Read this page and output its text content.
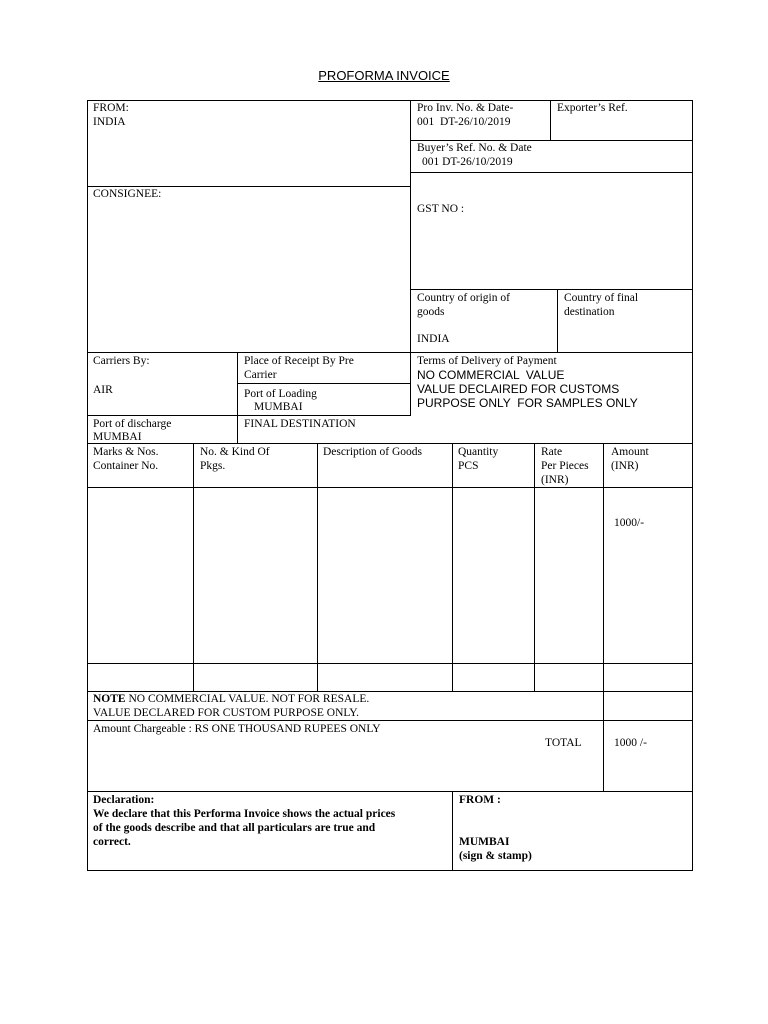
PROFORMA INVOICE
FROM:
INDIA
CONSIGNEE:
Pro Inv. No. & Date-
001  DT-26/10/2019
Exporter’s Ref.
Buyer’s Ref. No. & Date
001 DT-26/10/2019
GST NO :
Country of origin of
goods
INDIA
Country of final
destination
Carriers By:
AIR
Place of Receipt By Pre
Carrier
Port of Loading
MUMBAI
Terms of Delivery of Payment
NO COMMERCIAL  VALUE
VALUE DECLAIRED FOR CUSTOMS
PURPOSE ONLY  FOR SAMPLES ONLY
Port of discharge
MUMBAI
FINAL DESTINATION
Marks & Nos.
Container No.
No. & Kind Of
Pkgs.
Description of Goods	Quantity
PCS
Rate
Per Pieces
(INR)
Amount
(INR)
1000/-
NOTE NO COMMERCIAL VALUE. NOT FOR RESALE.
VALUE DECLARED FOR CUSTOM PURPOSE ONLY.
Amount Chargeable : RS ONE THOUSAND RUPEES ONLY
TOTAL	1000 /-
Declaration:
We declare that this Performa Invoice shows the actual prices
of the goods describe and that all particulars are true and
correct.
FROM :
MUMBAI
(sign & stamp)
